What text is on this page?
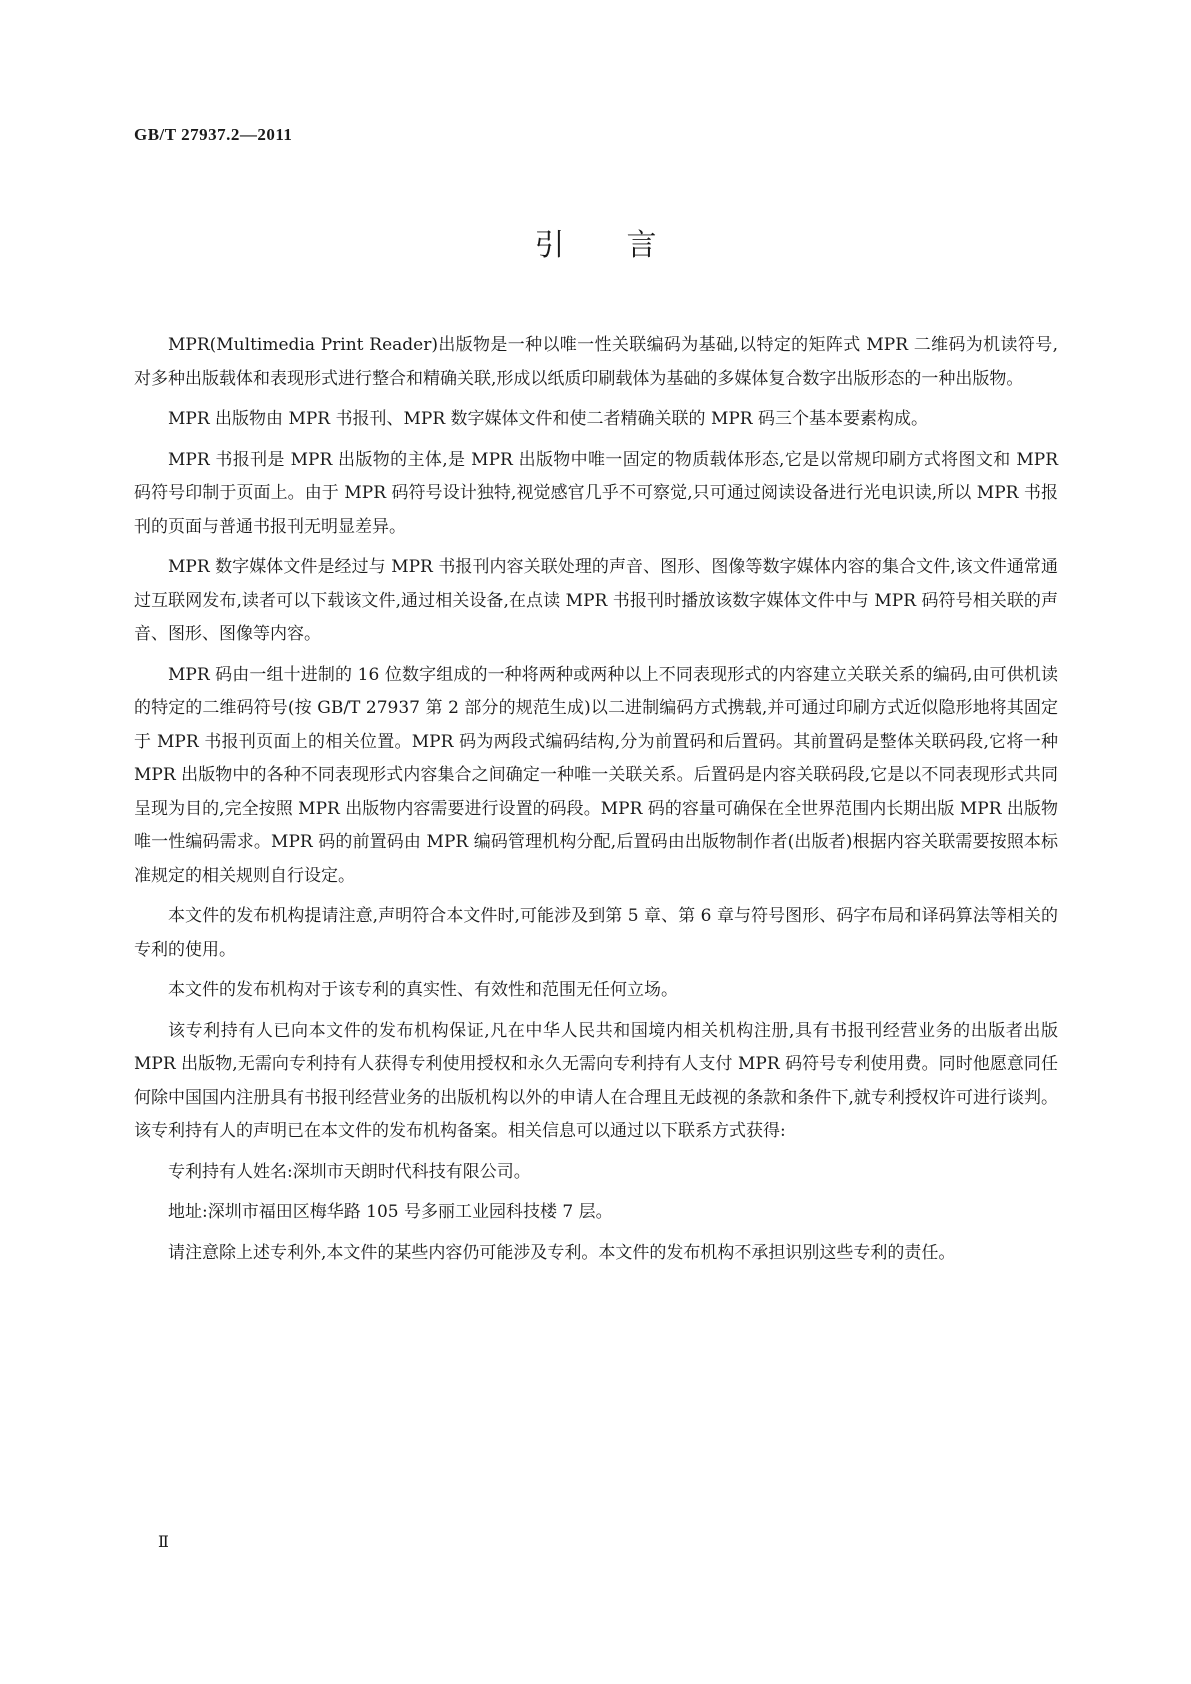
GB/T 27937.2—2011
引 言

MPR(Multimedia Print Reader)出版物是一种以唯一性关联编码为基础,以特定的矩阵式 MPR 二维码为机读符号,对多种出版载体和表现形式进行整合和精确关联,形成以纸质印刷载体为基础的多媒体复合数字出版形态的一种出版物。

MPR 出版物由 MPR 书报刊、MPR 数字媒体文件和使二者精确关联的 MPR 码三个基本要素构成。

MPR 书报刊是 MPR 出版物的主体,是 MPR 出版物中唯一固定的物质载体形态,它是以常规印刷方式将图文和 MPR 码符号印制于页面上。由于 MPR 码符号设计独特,视觉感官几乎不可察觉,只可通过阅读设备进行光电识读,所以 MPR 书报刊的页面与普通书报刊无明显差异。

MPR 数字媒体文件是经过与 MPR 书报刊内容关联处理的声音、图形、图像等数字媒体内容的集合文件,该文件通常通过互联网发布,读者可以下载该文件,通过相关设备,在点读 MPR 书报刊时播放该数字媒体文件中与 MPR 码符号相关联的声音、图形、图像等内容。

MPR 码由一组十进制的 16 位数字组成的一种将两种或两种以上不同表现形式的内容建立关联关系的编码,由可供机读的特定的二维码符号(按 GB/T 27937 第 2 部分的规范生成)以二进制编码方式携载,并可通过印刷方式近似隐形地将其固定于 MPR 书报刊页面上的相关位置。MPR 码为两段式编码结构,分为前置码和后置码。其前置码是整体关联码段,它将一种 MPR 出版物中的各种不同表现形式内容集合之间确定一种唯一关联关系。后置码是内容关联码段,它是以不同表现形式共同呈现为目的,完全按照 MPR 出版物内容需要进行设置的码段。MPR 码的容量可确保在全世界范围内长期出版 MPR 出版物唯一性编码需求。MPR 码的前置码由 MPR 编码管理机构分配,后置码由出版物制作者(出版者)根据内容关联需要按照本标准规定的相关规则自行设定。

本文件的发布机构提请注意,声明符合本文件时,可能涉及到第 5 章、第 6 章与符号图形、码字布局和译码算法等相关的专利的使用。

本文件的发布机构对于该专利的真实性、有效性和范围无任何立场。

该专利持有人已向本文件的发布机构保证,凡在中华人民共和国境内相关机构注册,具有书报刊经营业务的出版者出版 MPR 出版物,无需向专利持有人获得专利使用授权和永久无需向专利持有人支付 MPR 码符号专利使用费。同时他愿意同任何除中国国内注册具有书报刊经营业务的出版机构以外的申请人在合理且无歧视的条款和条件下,就专利授权许可进行谈判。该专利持有人的声明已在本文件的发布机构备案。相关信息可以通过以下联系方式获得:

专利持有人姓名:深圳市天朗时代科技有限公司。

地址:深圳市福田区梅华路 105 号多丽工业园科技楼 7 层。

请注意除上述专利外,本文件的某些内容仍可能涉及专利。本文件的发布机构不承担识别这些专利的责任。

Ⅱ
